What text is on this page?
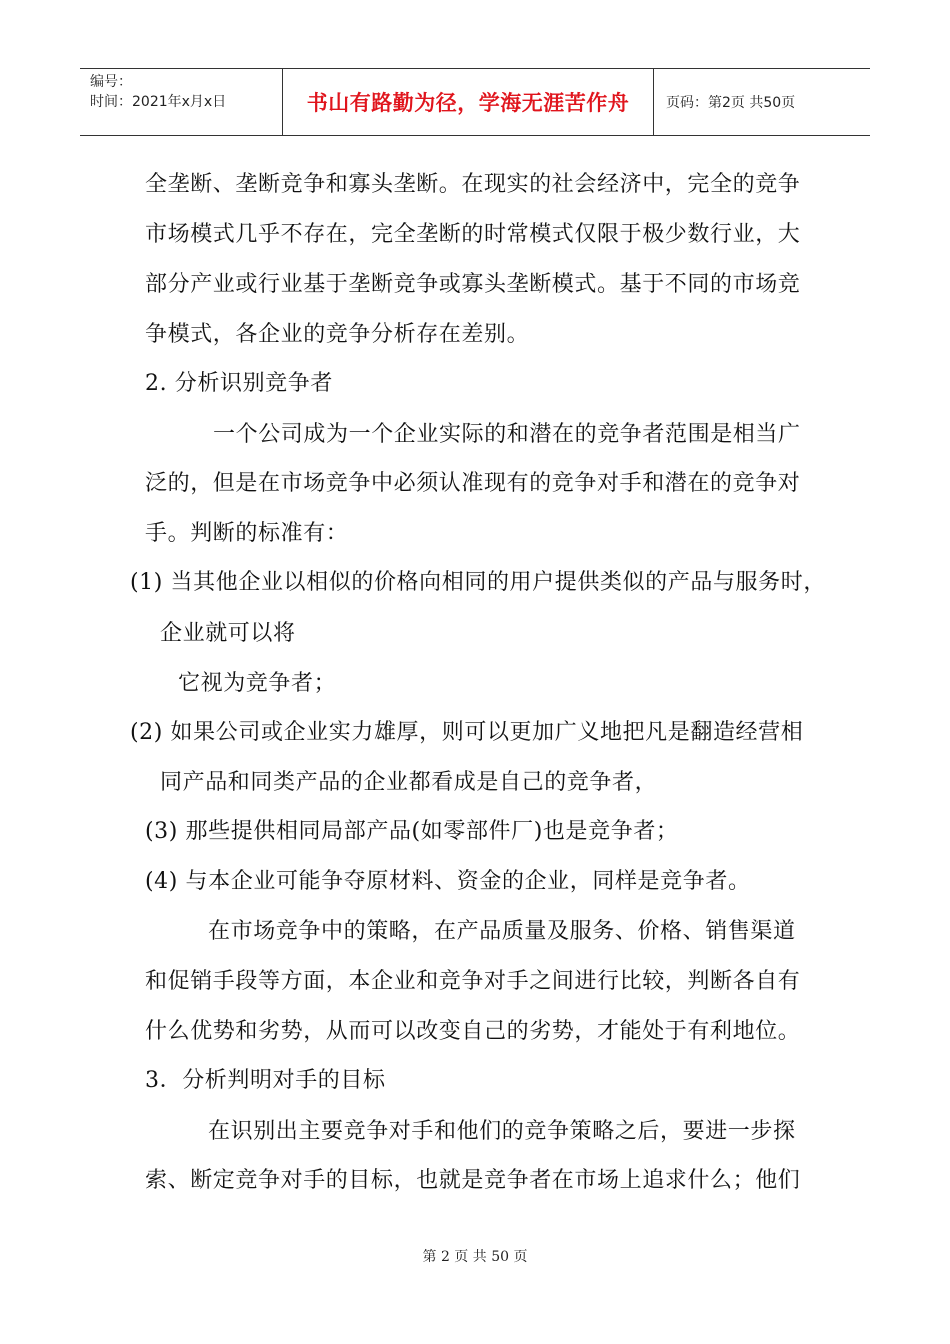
编号：
时间：2021年x月x日	书山有路勤为径，学海无涯苦作舟	页码：第2页 共50页
全垄断、垄断竞争和寡头垄断。在现实的社会经济中，完全的竞争
市场模式几乎不存在，完全垄断的时常模式仅限于极少数行业，大
部分产业或行业基于垄断竞争或寡头垄断模式。基于不同的市场竞
争模式，各企业的竞争分析存在差别。
2. 分析识别竞争者
一个公司成为一个企业实际的和潜在的竞争者范围是相当广
泛的，但是在市场竞争中必须认准现有的竞争对手和潜在的竞争对
手。判断的标准有：
(1) 当其他企业以相似的价格向相同的用户提供类似的产品与服务时，
企业就可以将
它视为竞争者；
(2) 如果公司或企业实力雄厚，则可以更加广义地把凡是翻造经营相
同产品和同类产品的企业都看成是自己的竞争者，
(3) 那些提供相同局部产品(如零部件厂)也是竞争者；
(4) 与本企业可能争夺原材料、资金的企业，同样是竞争者。
在市场竞争中的策略，在产品质量及服务、价格、销售渠道
和促销手段等方面，本企业和竞争对手之间进行比较，判断各自有
什么优势和劣势，从而可以改变自己的劣势，才能处于有利地位。
3．分析判明对手的目标
在识别出主要竞争对手和他们的竞争策略之后，要进一步探
索、断定竞争对手的目标，也就是竞争者在市场上追求什么；他们
第 2 页 共 50 页
